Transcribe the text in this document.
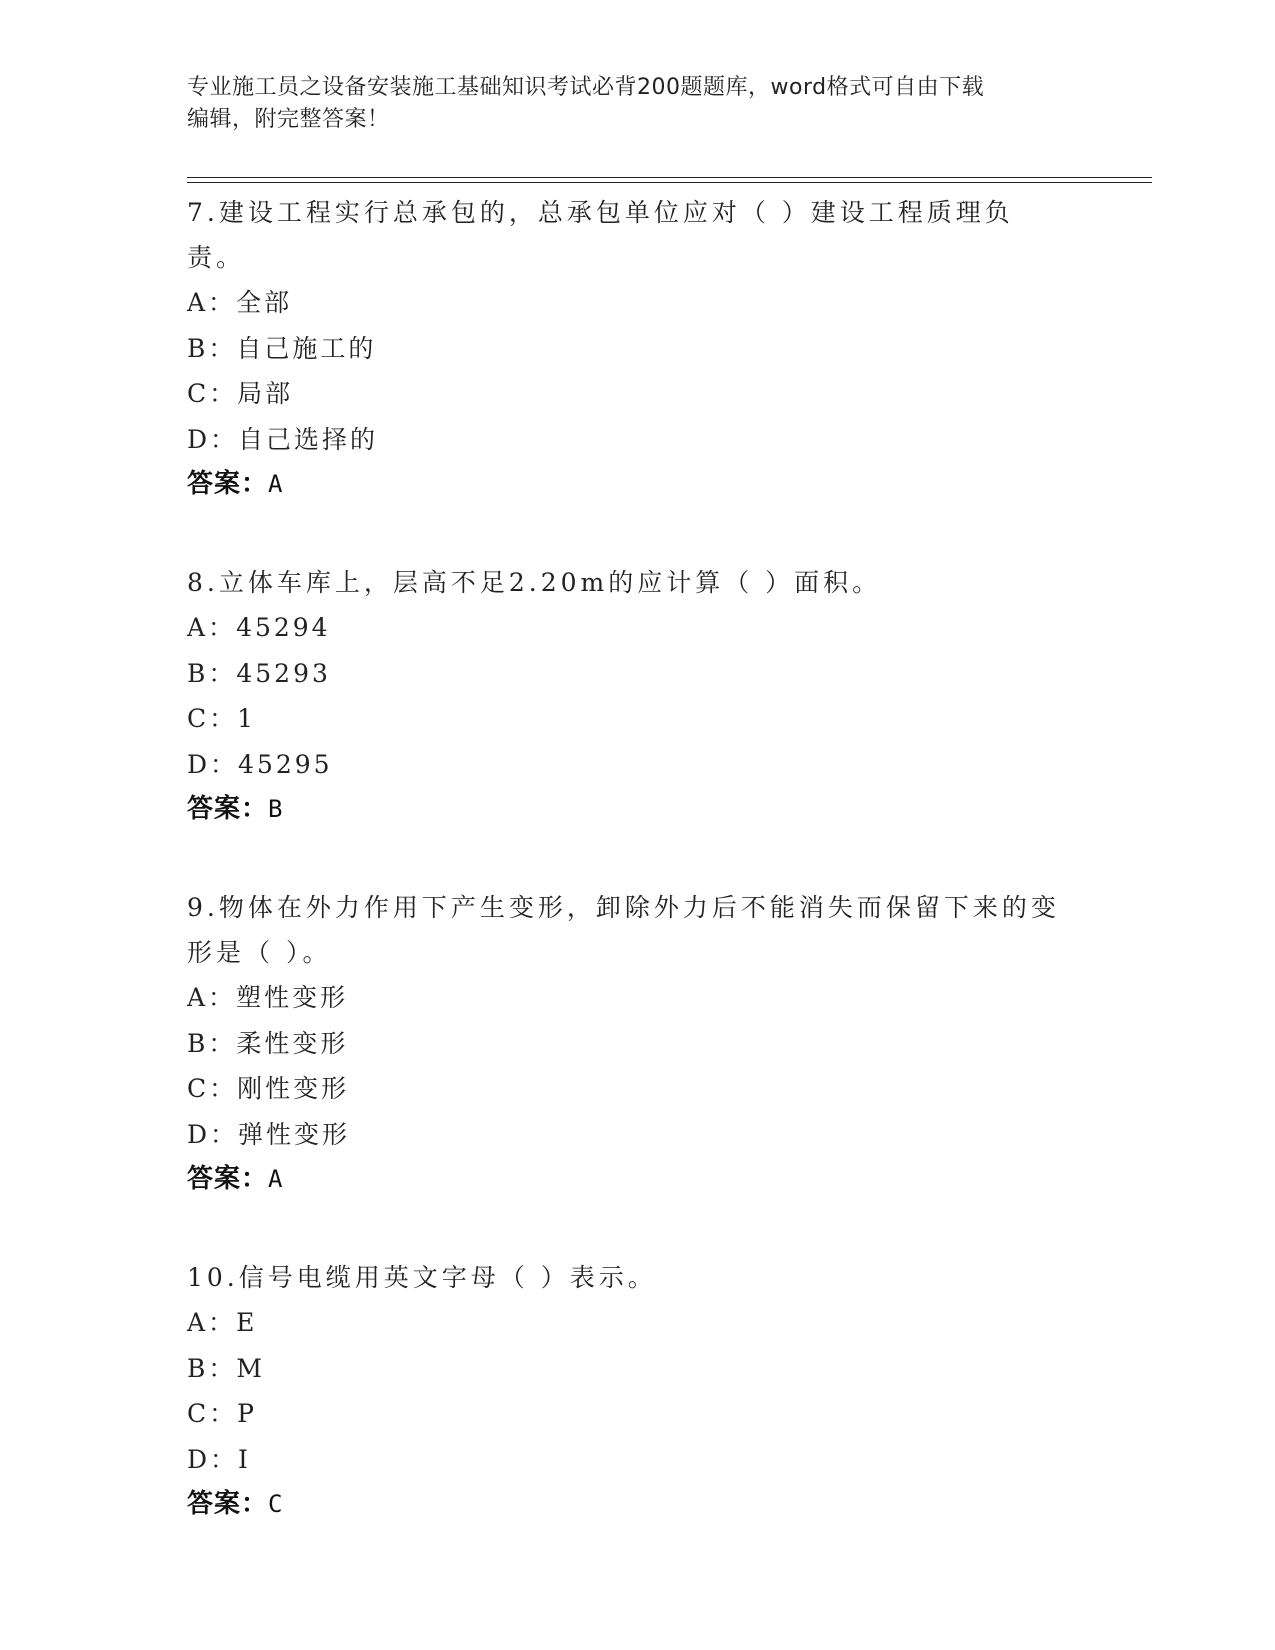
专业施工员之设备安装施工基础知识考试必背200题题库，word格式可自由下载
编辑，附完整答案！

7.建设工程实行总承包的，总承包单位应对（ ）建设工程质理负责。

A：全部

B：自己施工的

C：局部

D：自己选择的

答案：A

8.立体车库上，层高不足2.20m的应计算（ ）面积。

A：45294

B：45293

C：1

D：45295

答案：B

9.物体在外力作用下产生变形，卸除外力后不能消失而保留下来的变形是（ ）。

A：塑性变形

B：柔性变形

C：刚性变形

D：弹性变形

答案：A

10.信号电缆用英文字母（ ）表示。

A：E

B：M

C：P

D：I

答案：C
